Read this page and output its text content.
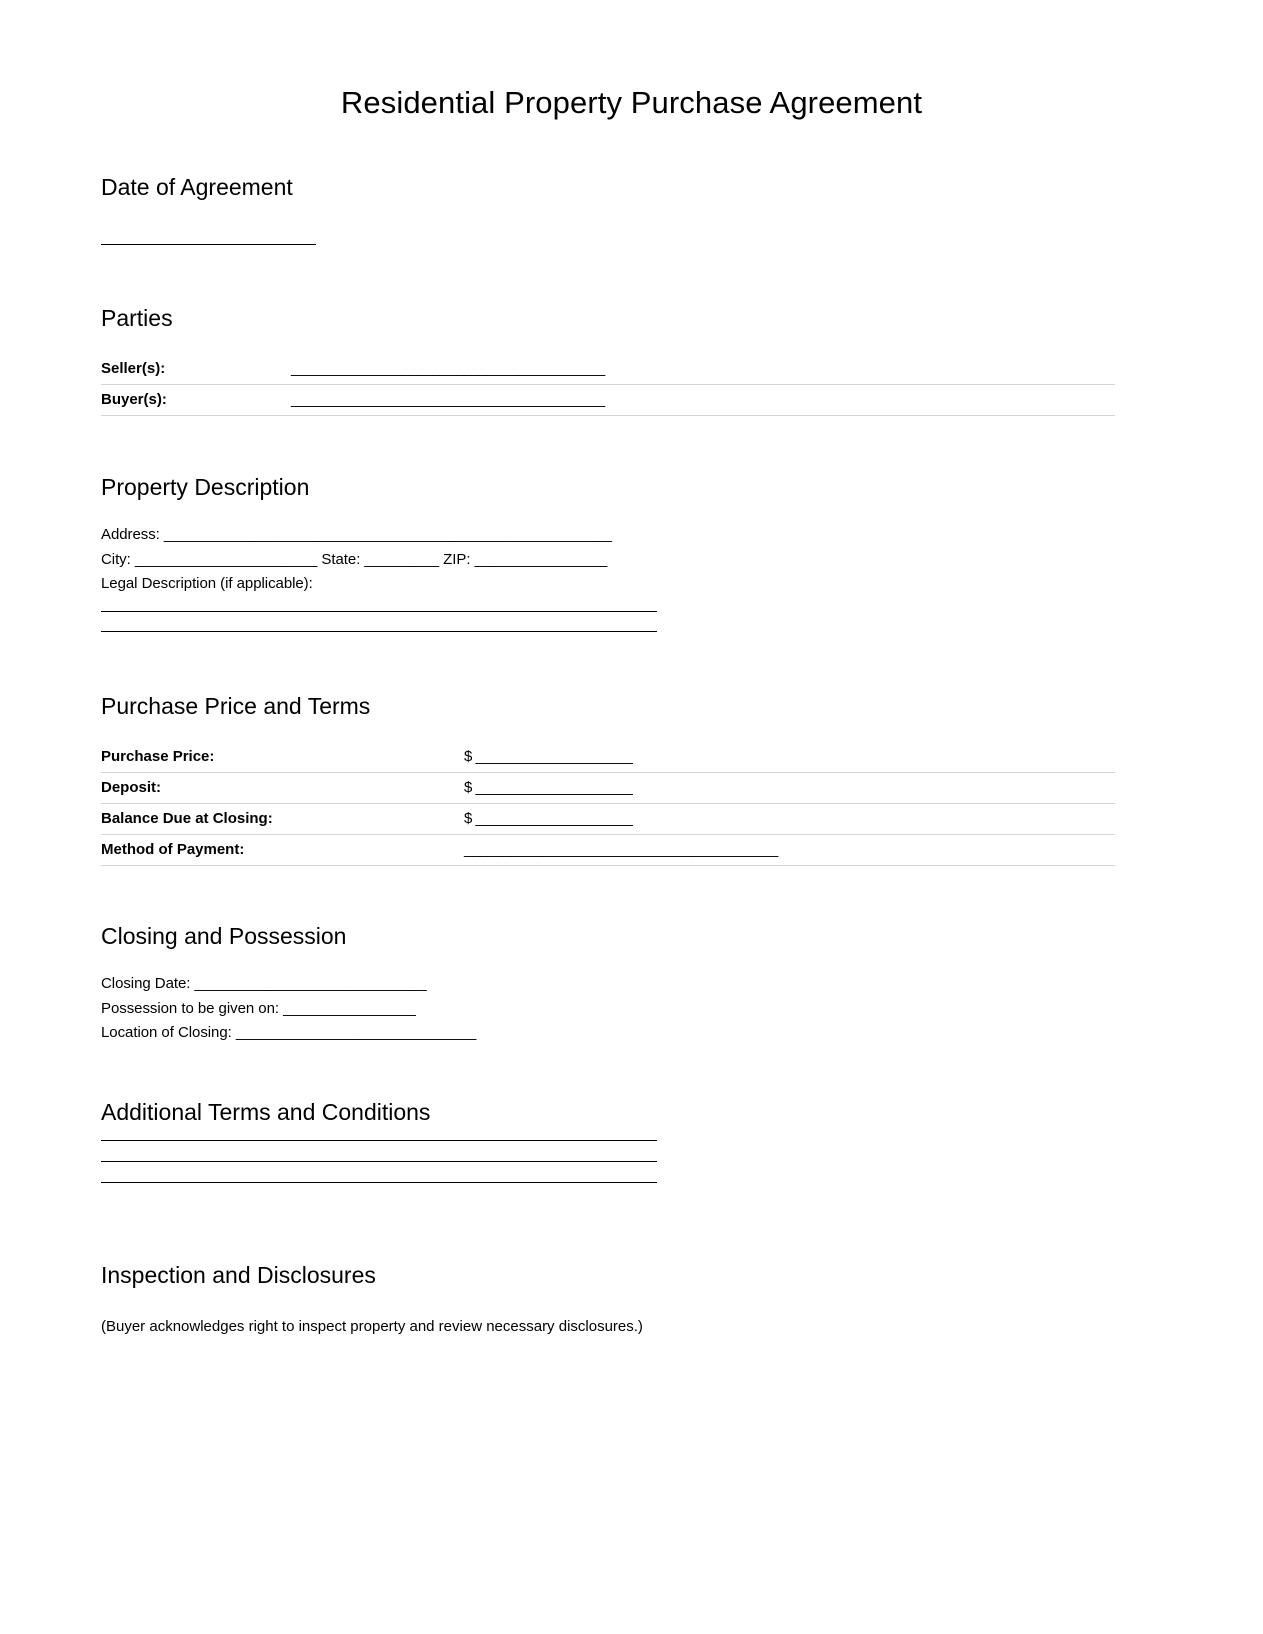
Residential Property Purchase Agreement
Date of Agreement
Parties
Seller(s):	________________________________________
Buyer(s):	________________________________________
Property Description
Address: ______________________________________________________
City: ______________________ State: _________ ZIP: ________________
Legal Description (if applicable):
Purchase Price and Terms
Purchase Price:	$ ____________________
Deposit:	$ ____________________
Balance Due at Closing:	$ ____________________
Method of Payment:	________________________________________
Closing and Possession
Closing Date: ____________________________
Possession to be given on: ________________
Location of Closing: _____________________________
Additional Terms and Conditions
Inspection and Disclosures
(Buyer acknowledges right to inspect property and review necessary disclosures.)
